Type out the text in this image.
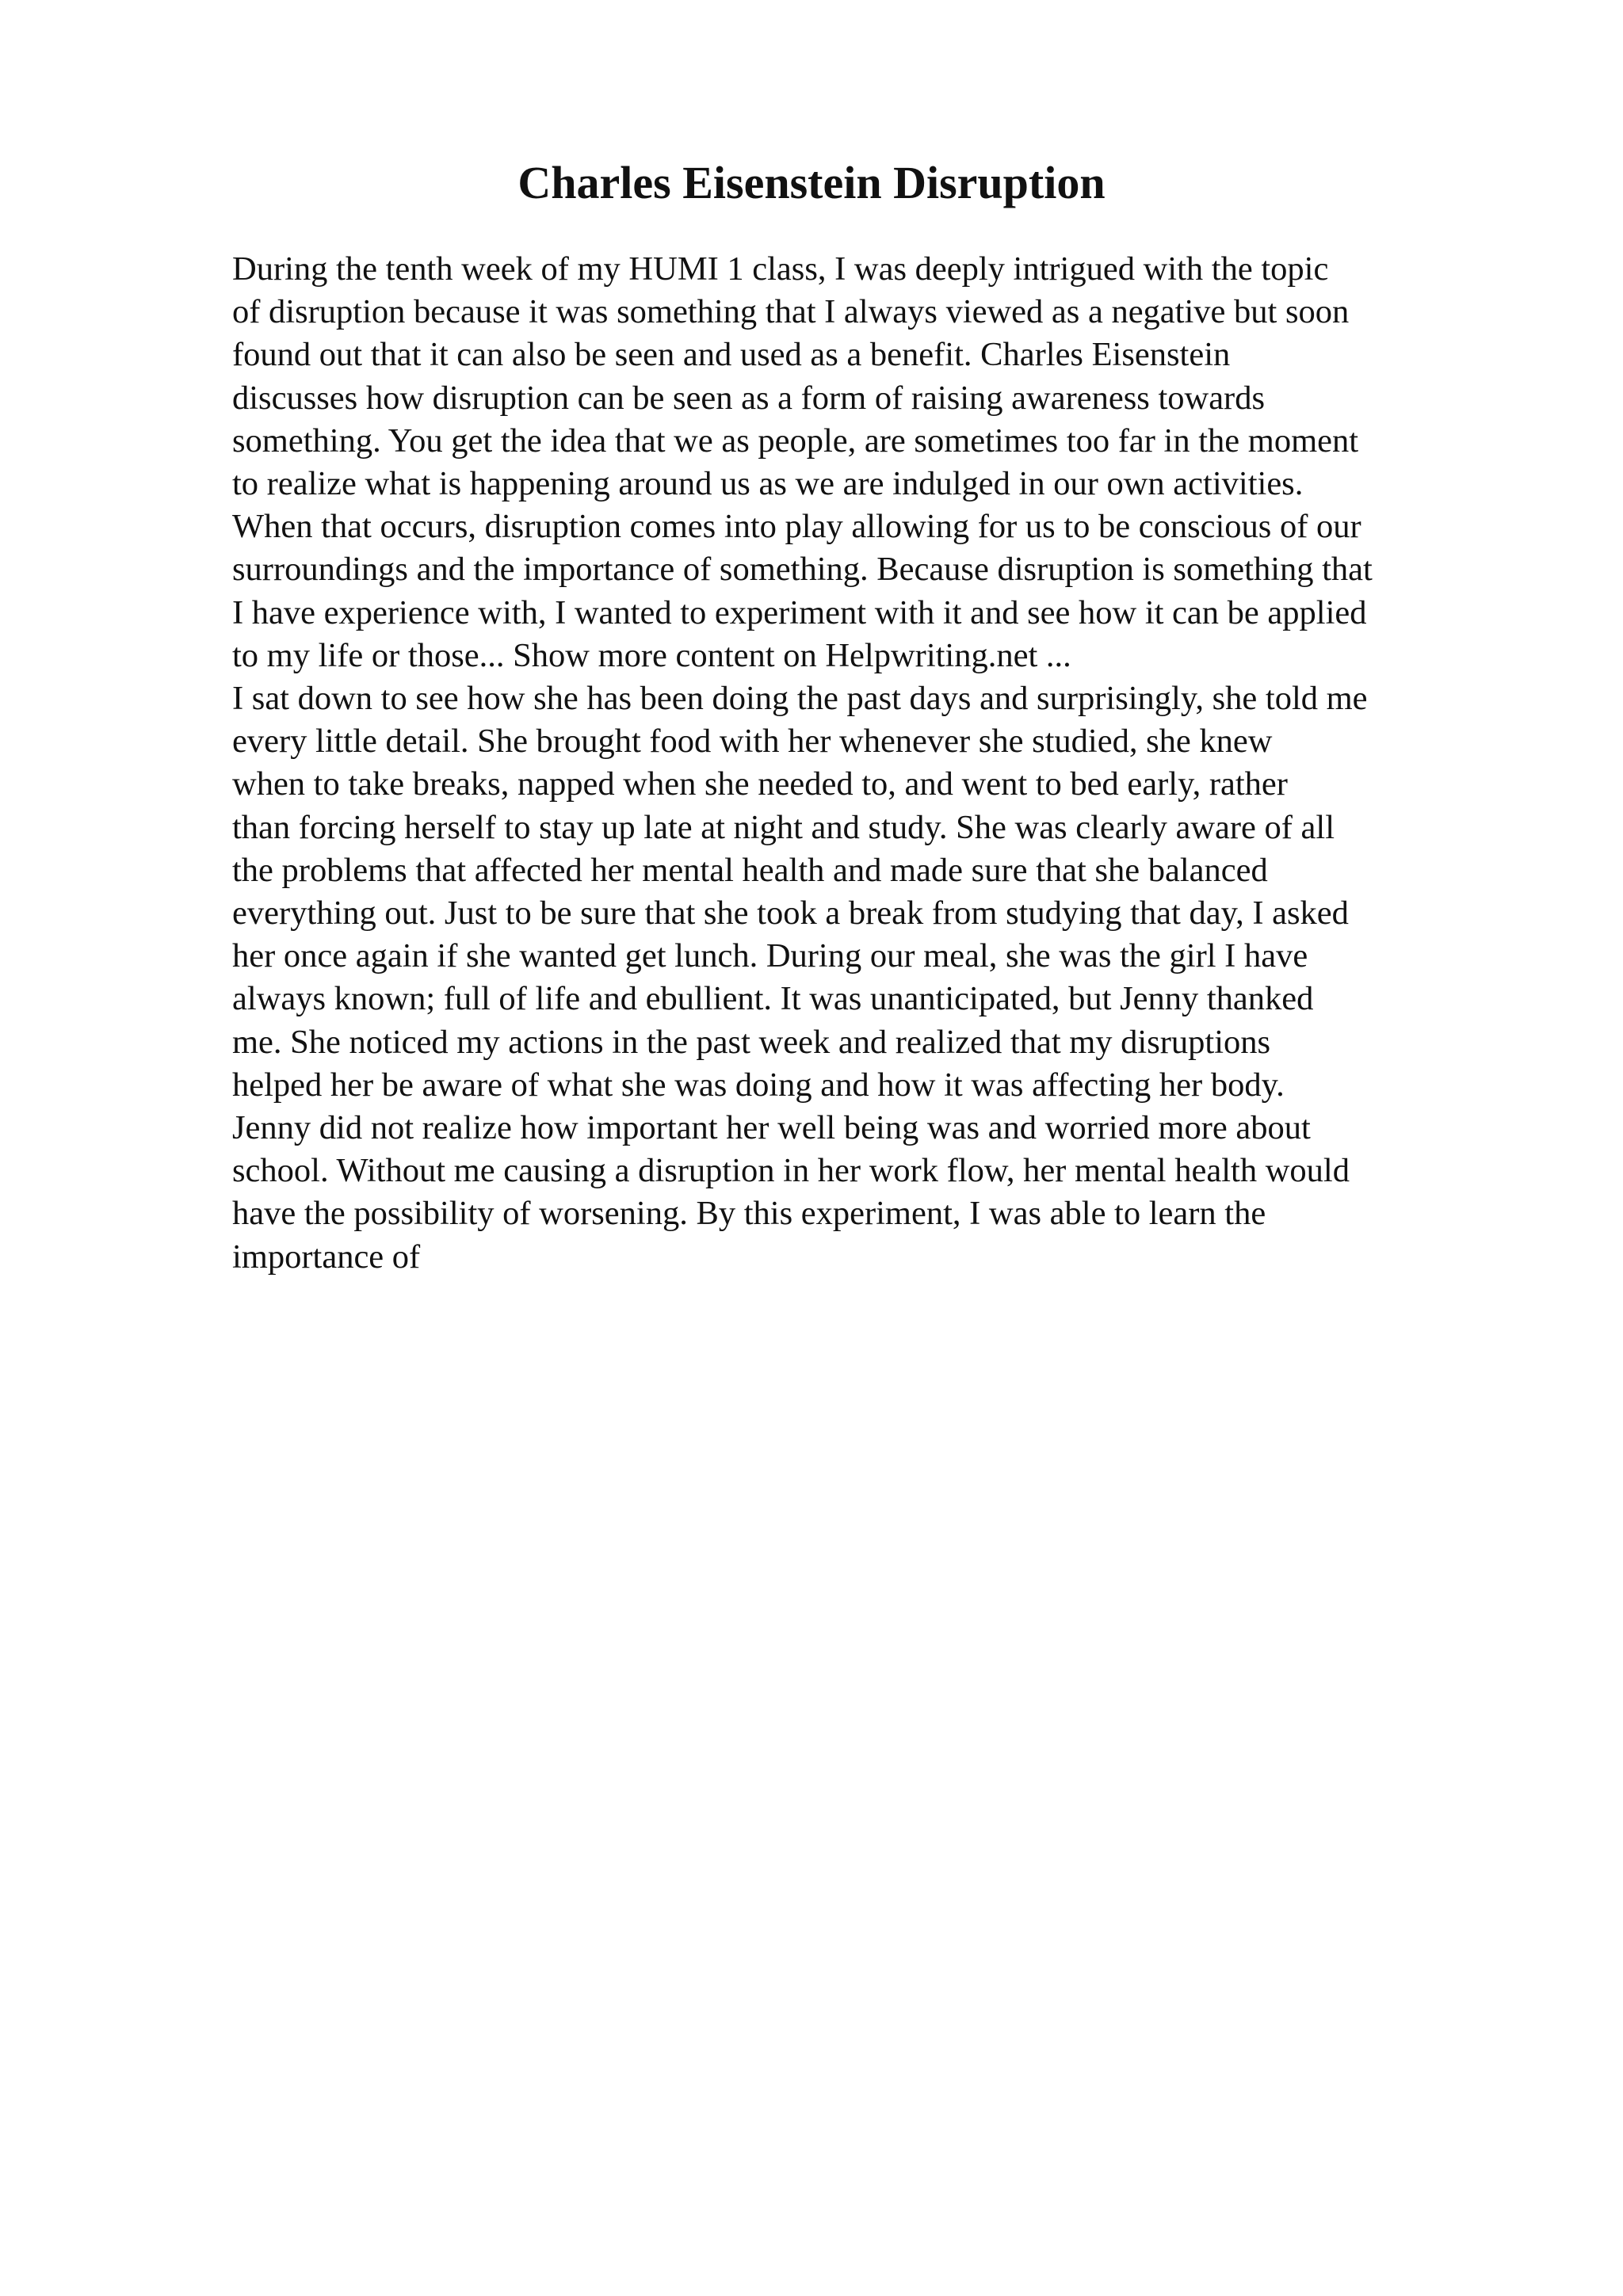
Charles Eisenstein Disruption
During the tenth week of my HUMI 1 class, I was deeply intrigued with the topic
of disruption because it was something that I always viewed as a negative but soon
found out that it can also be seen and used as a benefit. Charles Eisenstein
discusses how disruption can be seen as a form of raising awareness towards
something. You get the idea that we as people, are sometimes too far in the moment
to realize what is happening around us as we are indulged in our own activities.
When that occurs, disruption comes into play allowing for us to be conscious of our
surroundings and the importance of something. Because disruption is something that
I have experience with, I wanted to experiment with it and see how it can be applied
to my life or those... Show more content on Helpwriting.net ...
I sat down to see how she has been doing the past days and surprisingly, she told me
every little detail. She brought food with her whenever she studied, she knew
when to take breaks, napped when she needed to, and went to bed early, rather
than forcing herself to stay up late at night and study. She was clearly aware of all
the problems that affected her mental health and made sure that she balanced
everything out. Just to be sure that she took a break from studying that day, I asked
her once again if she wanted get lunch. During our meal, she was the girl I have
always known; full of life and ebullient. It was unanticipated, but Jenny thanked
me. She noticed my actions in the past week and realized that my disruptions
helped her be aware of what she was doing and how it was affecting her body.
Jenny did not realize how important her well being was and worried more about
school. Without me causing a disruption in her work flow, her mental health would
have the possibility of worsening. By this experiment, I was able to learn the
importance of
